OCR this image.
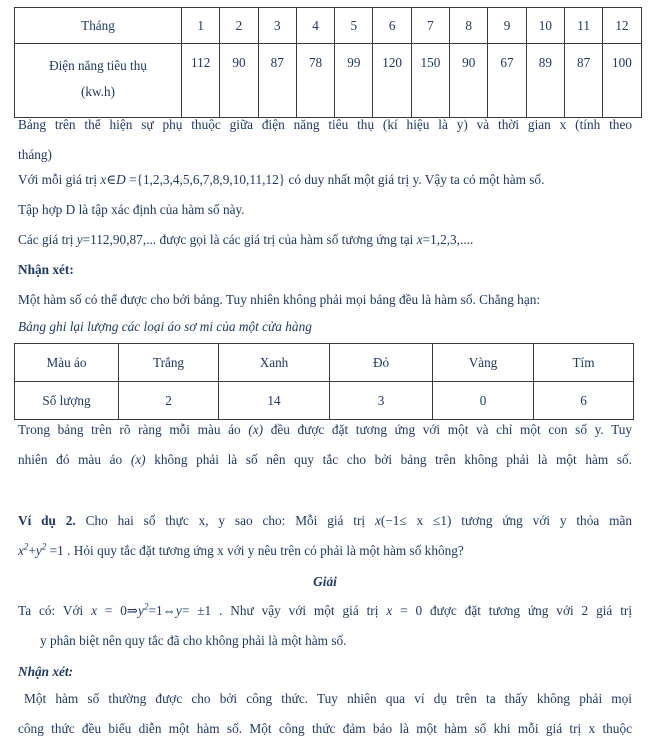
Tháng	1	2	3	4	5	6	7	8	9	10	11	12

Điện năng tiêu thụ
(kw.h)	112	90	87	78	99	120	150	90	67	89	87	100
Bảng trên thể hiện sự phụ thuộc giữa điện năng tiêu thụ (kí hiệu là y) và thời gian x (tính theo
tháng)
Với mỗi giá trị x∈D ={1,2,3,4,5,6,7,8,9,10,11,12} có duy nhất một giá trị y. Vậy ta có một hàm số.
Tập hợp D là tập xác định của hàm số này.
Các giá trị y=112,90,87,... được gọi là các giá trị của hàm số tương ứng tại x=1,2,3,....
Nhận xét:
Một hàm số có thể được cho bởi bảng. Tuy nhiên không phải mọi bảng đều là hàm số. Chẳng hạn:
Bảng ghi lại lượng các loại áo sơ mi của một cửa hàng
Màu áo	Trắng	Xanh	Đỏ	Vàng	Tím
Số lượng	2	14	3	0	6
Trong bảng trên rõ ràng mỗi màu áo (x) đều được đặt tương ứng với một và chỉ một con số y. Tuy
nhiên đó màu áo (x) không phải là số nên quy tắc cho bởi bảng trên không phải là một hàm số.
Ví dụ 2. Cho hai số thực x, y sao cho: Mỗi giá trị x(−1≤ x ≤1) tương ứng với y thỏa mãn
$x^2+y^2 =1$ . Hỏi quy tắc đặt tương ứng x với y nêu trên có phải là một hàm số không?
Giải
Ta có: Với $x = 0\Rightarrow y^2=1\Leftrightarrow y= \pm 1$ . Như vậy với một giá trị x = 0 được đặt tương ứng với 2 giá trị
y phân biệt nên quy tắc đã cho không phải là một hàm số.
Nhận xét:
Một hàm số thường được cho bởi công thức. Tuy nhiên qua ví dụ trên ta thấy không phải mọi
công thức đều biểu diễn một hàm số. Một công thức đảm bảo là một hàm số khi mỗi giá trị x thuộc
